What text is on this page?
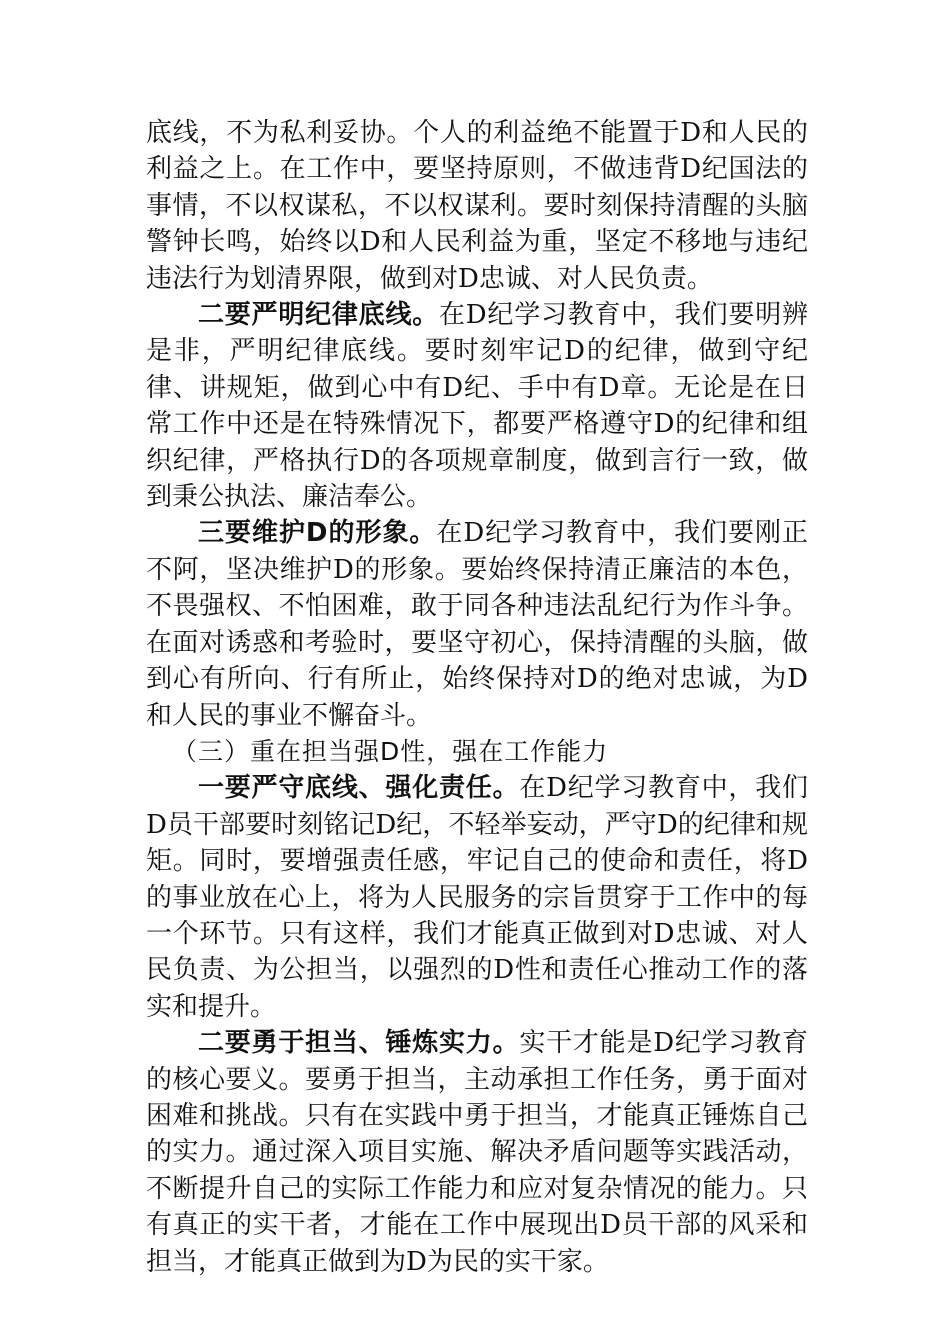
底线，不为私利妥协。个人的利益绝不能置于D和人民的利益之上。在工作中，要坚持原则，不做违背D纪国法的事情，不以权谋私，不以权谋利。要时刻保持清醒的头脑警钟长鸣，始终以D和人民利益为重，坚定不移地与违纪违法行为划清界限，做到对D忠诚、对人民负责。

二要严明纪律底线。在D纪学习教育中，我们要明辨是非，严明纪律底线。要时刻牢记D的纪律，做到守纪律、讲规矩，做到心中有D纪、手中有D章。无论是在日常工作中还是在特殊情况下，都要严格遵守D的纪律和组织纪律，严格执行D的各项规章制度，做到言行一致，做到秉公执法、廉洁奉公。

三要维护D的形象。在D纪学习教育中，我们要刚正不阿，坚决维护D的形象。要始终保持清正廉洁的本色，不畏强权、不怕困难，敢于同各种违法乱纪行为作斗争。在面对诱惑和考验时，要坚守初心，保持清醒的头脑，做到心有所向、行有所止，始终保持对D的绝对忠诚，为D和人民的事业不懈奋斗。

（三）重在担当强D性，强在工作能力

一要严守底线、强化责任。在D纪学习教育中，我们D员干部要时刻铭记D纪，不轻举妄动，严守D的纪律和规矩。同时，要增强责任感，牢记自己的使命和责任，将D的事业放在心上，将为人民服务的宗旨贯穿于工作中的每一个环节。只有这样，我们才能真正做到对D忠诚、对人民负责、为公担当，以强烈的D性和责任心推动工作的落实和提升。

二要勇于担当、锤炼实力。实干才能是D纪学习教育的核心要义。要勇于担当，主动承担工作任务，勇于面对困难和挑战。只有在实践中勇于担当，才能真正锤炼自己的实力。通过深入项目实施、解决矛盾问题等实践活动，不断提升自己的实际工作能力和应对复杂情况的能力。只有真正的实干者，才能在工作中展现出D员干部的风采和担当，才能真正做到为D为民的实干家。
